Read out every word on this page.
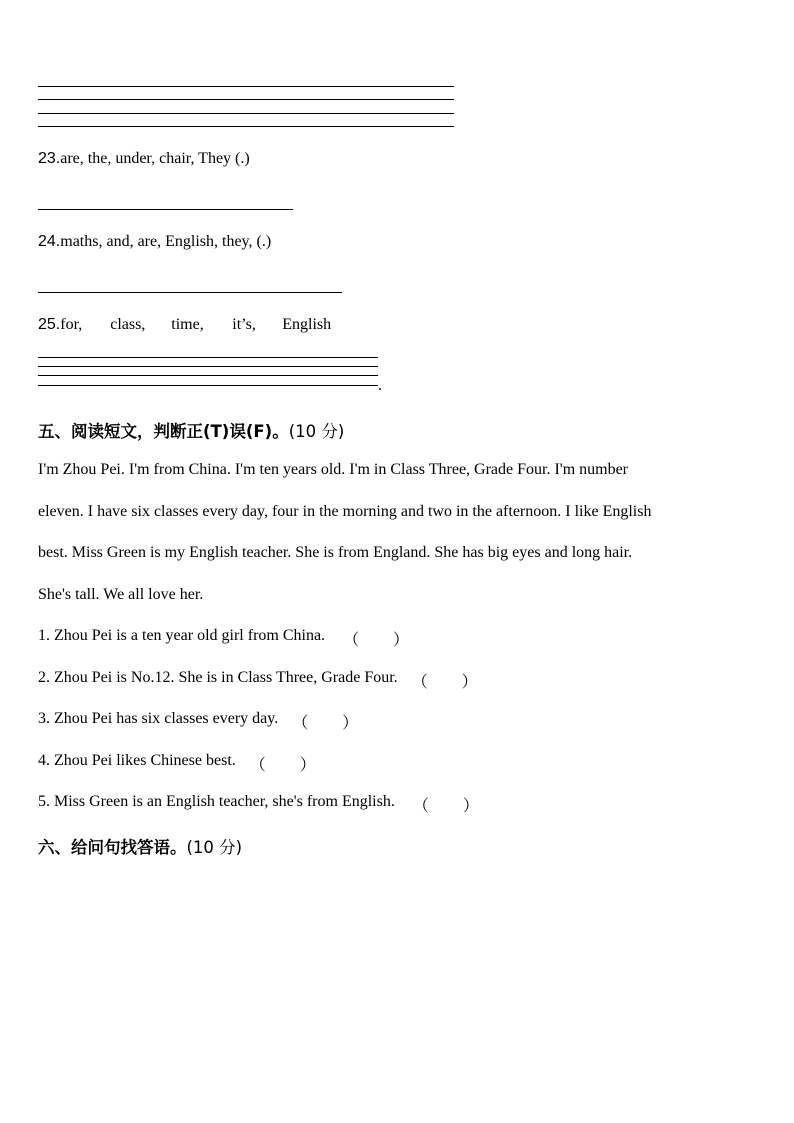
23.are, the, under, chair, They (.)
24.maths, and, are, English, they, (.)
25.for, class, time, it’s, English
.
五、阅读短文，判断正(T)误(F)。(10 分)
I'm Zhou Pei. I'm from China. I'm ten years old. I'm in Class Three, Grade Four. I'm number
eleven. I have six classes every day, four in the morning and two in the afternoon. I like English
best. Miss Green is my English teacher. She is from England. She has big eyes and long hair.
She's tall. We all love her.
1. Zhou Pei is a ten year old girl from China. （ ）

2. Zhou Pei is No.12. She is in Class Three, Grade Four. （ ）

3. Zhou Pei has six classes every day. （ ）

4. Zhou Pei likes Chinese best. （ ）

5. Miss Green is an English teacher, she's from English. （ ）

六、给问句找答语。(10 分)
